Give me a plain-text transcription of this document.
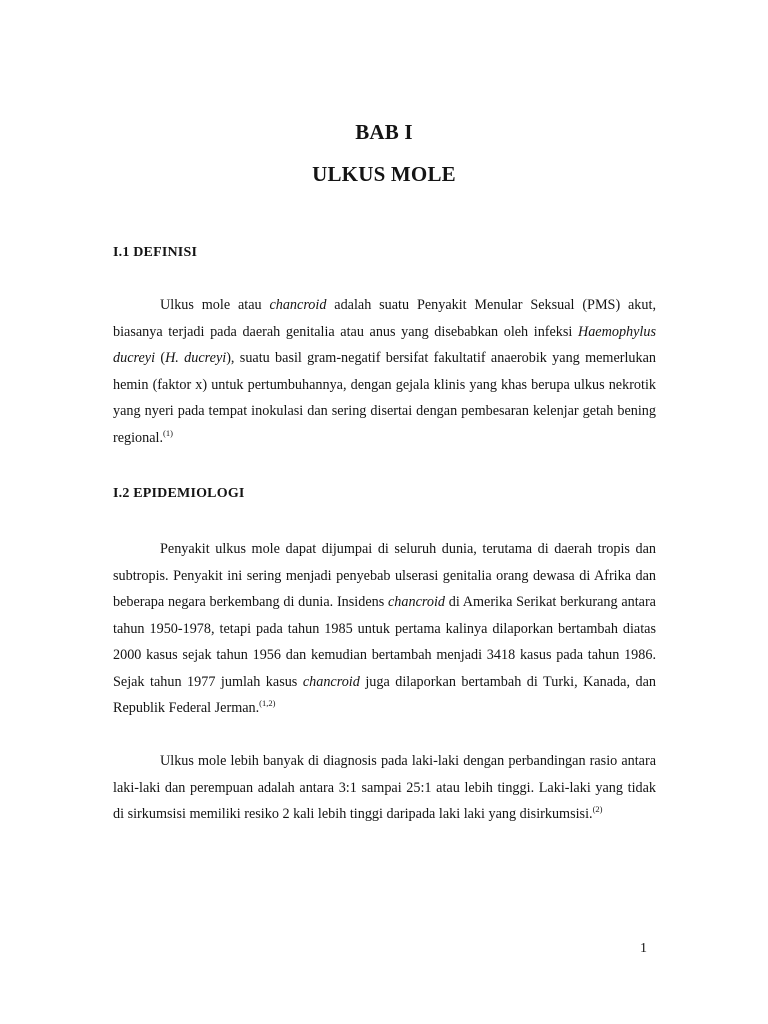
BAB I
ULKUS MOLE
I.1 DEFINISI

Ulkus mole atau chancroid adalah suatu Penyakit Menular Seksual (PMS) akut, biasanya terjadi pada daerah genitalia atau anus yang disebabkan oleh infeksi Haemophylus ducreyi (H. ducreyi), suatu basil gram-negatif bersifat fakultatif anaerobik yang memerlukan hemin (faktor x) untuk pertumbuhannya, dengan gejala klinis yang khas berupa ulkus nekrotik yang nyeri pada tempat inokulasi dan sering disertai dengan pembesaran kelenjar getah bening regional.$^{(1)}$

I.2 EPIDEMIOLOGI

Penyakit ulkus mole dapat dijumpai di seluruh dunia, terutama di daerah tropis dan subtropis. Penyakit ini sering menjadi penyebab ulserasi genitalia orang dewasa di Afrika dan beberapa negara berkembang di dunia. Insidens chancroid di Amerika Serikat berkurang antara tahun 1950-1978, tetapi pada tahun 1985 untuk pertama kalinya dilaporkan bertambah diatas 2000 kasus sejak tahun 1956 dan kemudian bertambah menjadi 3418 kasus pada tahun 1986. Sejak tahun 1977 jumlah kasus chancroid juga dilaporkan bertambah di Turki, Kanada, dan Republik Federal Jerman.$^{(1,2)}$

Ulkus mole lebih banyak di diagnosis pada laki-laki dengan perbandingan rasio antara laki-laki dan perempuan adalah antara 3:1 sampai 25:1 atau lebih tinggi. Laki-laki yang tidak di sirkumsisi memiliki resiko 2 kali lebih tinggi daripada laki laki yang disirkumsisi.$^{(2)}$

1
